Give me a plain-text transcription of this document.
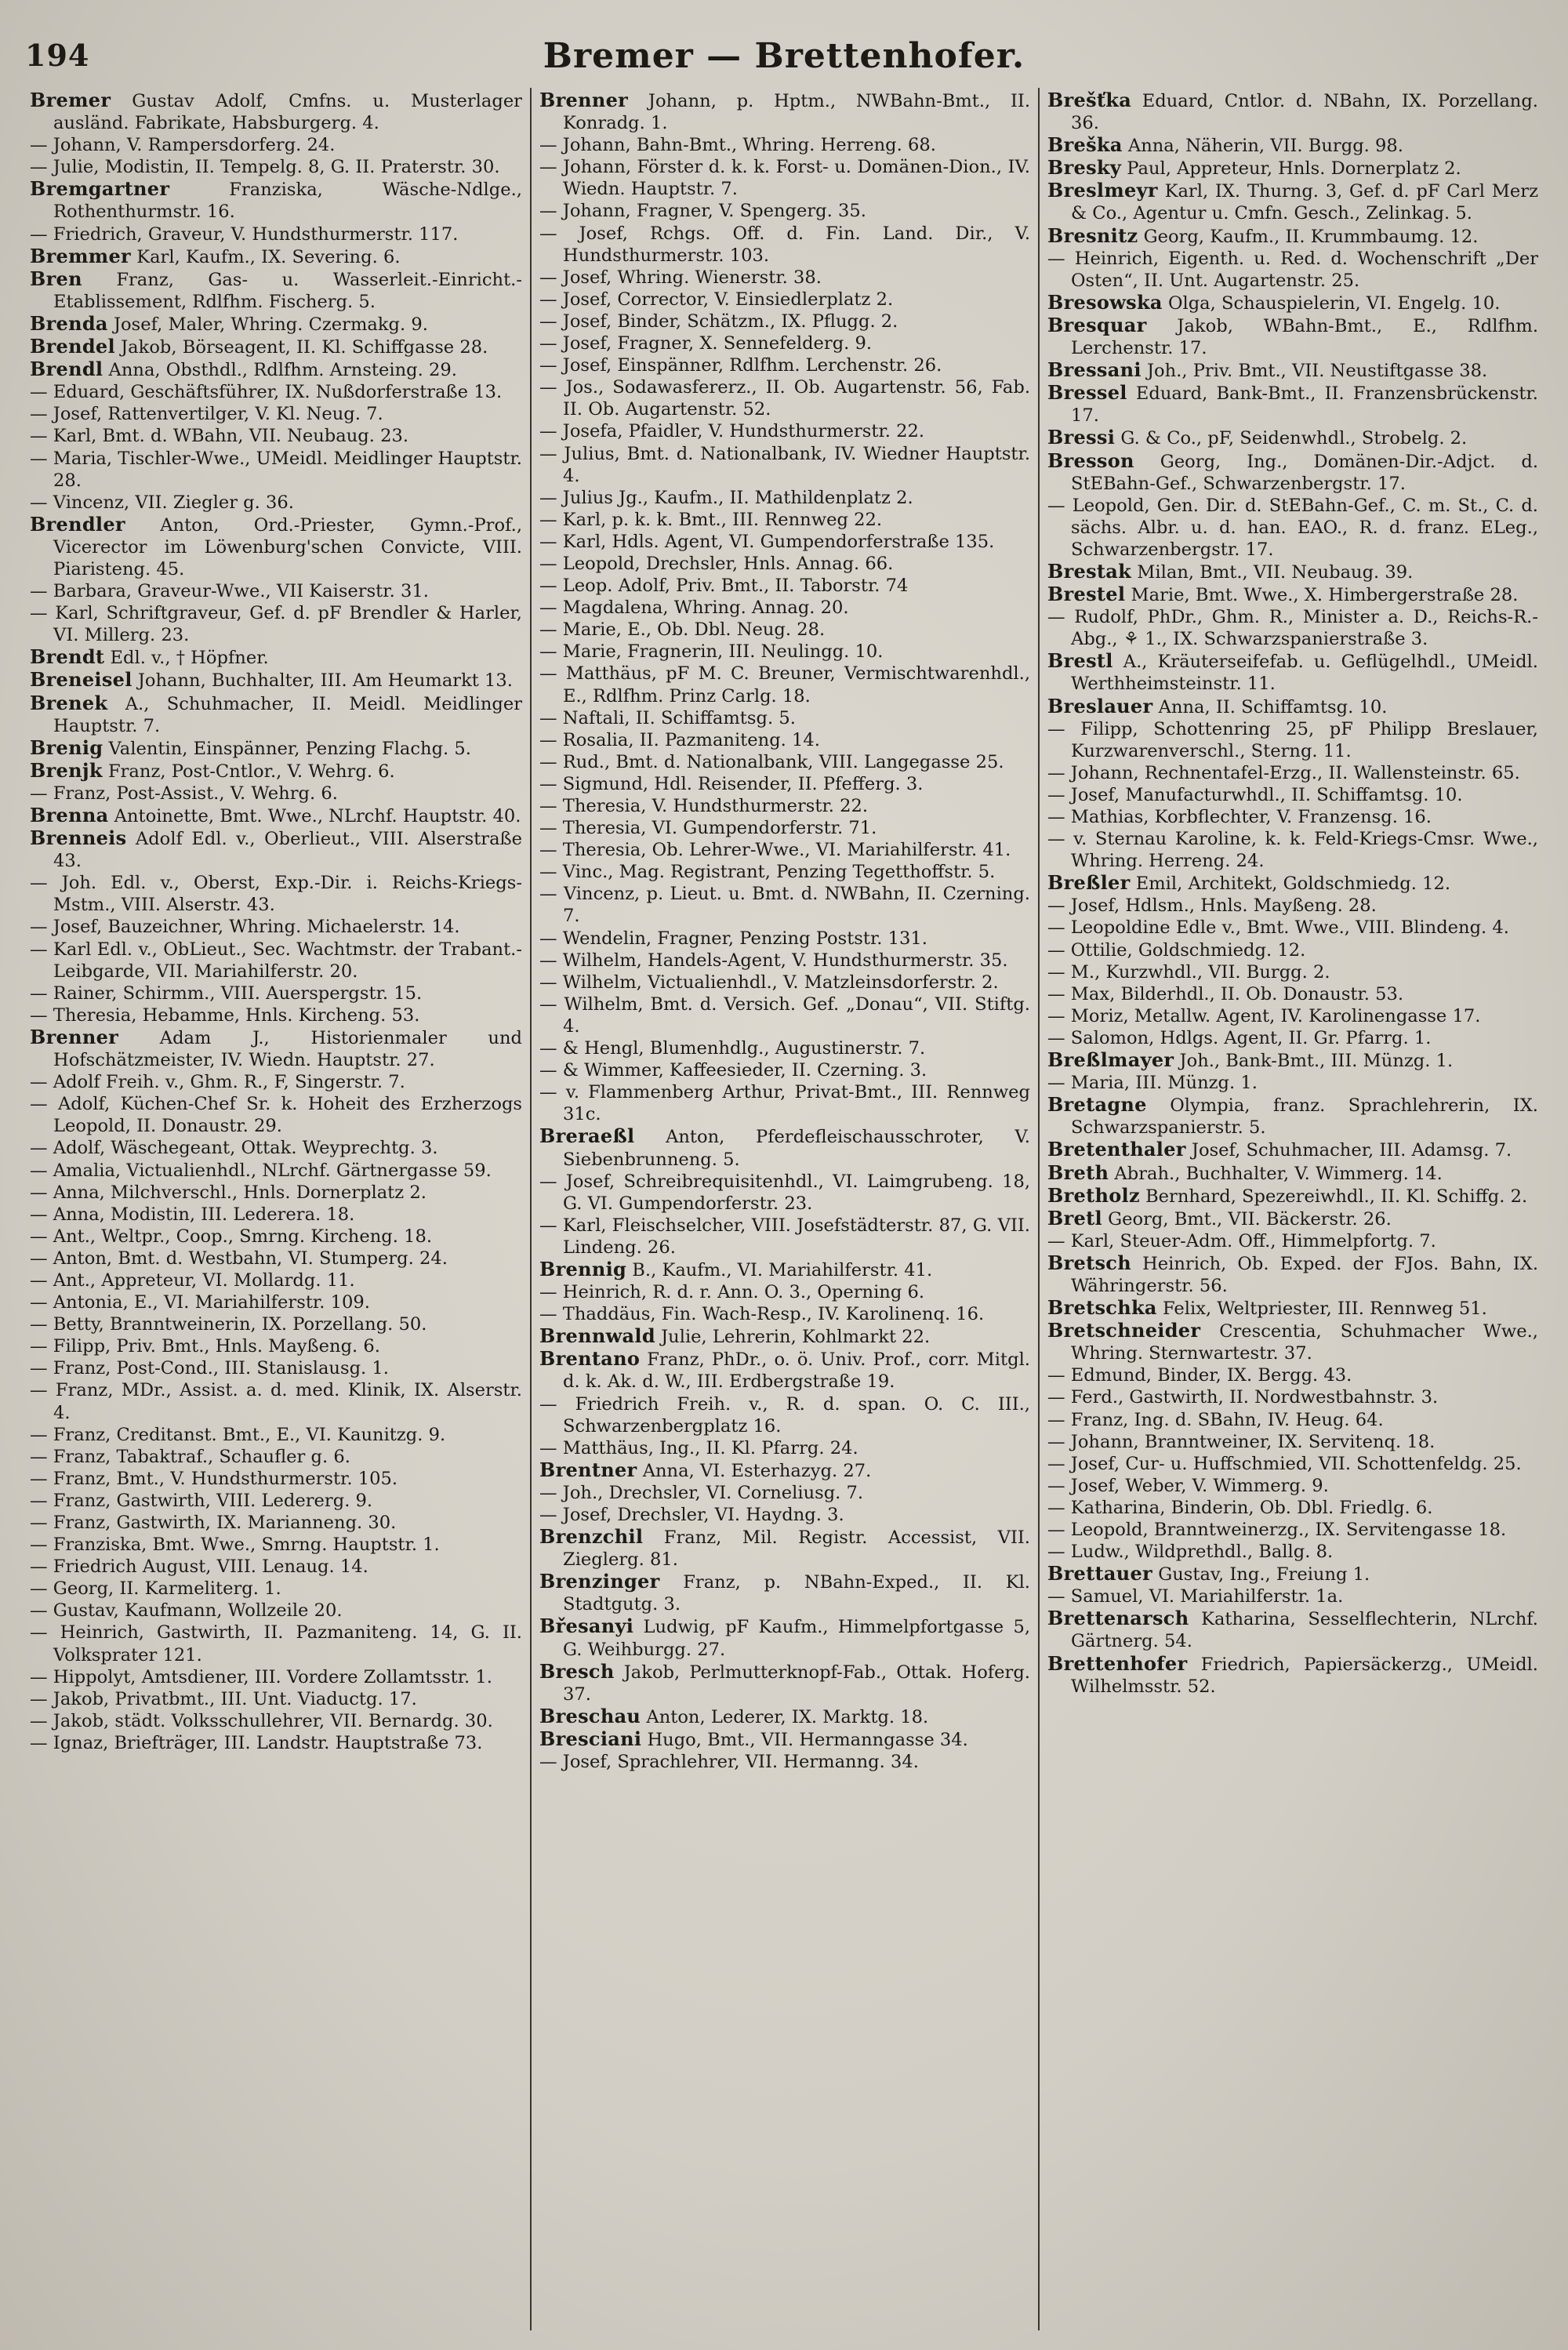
194	Bremer — Brettenhofer.
Bremer Gustav Adolf, Cmfns. u. Musterlager ausländ. Fabrikate, Habsburgerg. 4.
— Johann, V. Rampersdorferg. 24.
— Julie, Modistin, II. Tempelg. 8, G. II. Praterstr. 30.
Bremgartner	Franziska, Wäsche-Ndlge., Rothenthurmstr. 16.
— Friedrich, Graveur, V. Hundsthurmerstr. 117.
Bremmer Karl, Kaufm., IX. Severing. 6.
Bren Franz, Gas- u. Wasserleit.-Einricht.-Etablissement, Rdlfhm. Fischerg. 5.
Brenda Josef, Maler, Whring. Czermakg. 9.
Brendel Jakob, Börseagent, II. Kl. Schiffgasse 28.
Brendl Anna, Obsthdl., Rdlfhm. Arnsteing. 29.
— Eduard, Geschäftsführer, IX. Nußdorferstraße 13.
— Josef, Rattenvertilger, V. Kl. Neug. 7.
— Karl, Bmt. d. WBahn, VII. Neubaug. 23.
— Maria, Tischler-Wwe., UMeidl. Meidlinger Hauptstr. 28.
— Vincenz, VII. Ziegler g. 36.
Brendler Anton, Ord.-Priester, Gymn.-Prof., Vicerector im Löwenburg'schen Convicte, VIII. Piaristeng. 45.
— Barbara, Graveur-Wwe., VII Kaiserstr. 31.
— Karl, Schriftgraveur, Gef. d. pF Brendler & Harler, VI. Millerg. 23.
Brendt Edl. v., † Höpfner.
Breneisel Johann, Buchhalter, III. Am Heumarkt 13.
Brenek A., Schuhmacher, II. Meidl. Meidlinger Hauptstr. 7.
Brenig Valentin, Einspänner, Penzing Flachg. 5.
Brenjk Franz, Post-Cntlor., V. Wehrg. 6.
— Franz, Post-Assist., V. Wehrg. 6.
Brenna Antoinette, Bmt. Wwe., NLrchf. Hauptstr. 40.
Brenneis Adolf Edl. v., Oberlieut., VIII. Alserstraße 43.
— Joh. Edl. v., Oberst, Exp.-Dir. i. Reichs-Kriegs-Mstm., VIII. Alserstr. 43.
— Josef, Bauzeichner, Whring. Michaelerstr. 14.
— Karl Edl. v., ObLieut., Sec. Wachtmstr. der Trabant.-Leibgarde, VII. Mariahilferstr. 20.
— Rainer, Schirmm., VIII. Auerspergstr. 15.
— Theresia, Hebamme, Hnls. Kircheng. 53.
Brenner Adam J., Historienmaler und Hofschätzmeister, IV. Wiedn. Hauptstr. 27.
— Adolf Freih. v., Ghm. R., F, Singerstr. 7.
— Adolf, Küchen-Chef Sr. k. Hoheit des Erzherzogs Leopold, II. Donaustr. 29.
— Adolf, Wäschegeant, Ottak. Weyprechtg. 3.
— Amalia, Victualienhdl., NLrchf. Gärtnergasse 59.
— Anna, Milchverschl., Hnls. Dornerplatz 2.
— Anna, Modistin, III. Lederera. 18.
— Ant., Weltpr., Coop., Smrng. Kircheng. 18.
— Anton, Bmt. d. Westbahn, VI. Stumperg. 24.
— Ant., Appreteur, VI. Mollardg. 11.
— Antonia, E., VI. Mariahilferstr. 109.
— Betty, Branntweinerin, IX. Porzellang. 50.
— Filipp, Priv. Bmt., Hnls. Mayßeng. 6.
— Franz, Post-Cond., III. Stanislausg. 1.
— Franz, MDr., Assist. a. d. med. Klinik, IX. Alserstr. 4.
— Franz, Creditanst. Bmt., E., VI. Kaunitzg. 9.
— Franz, Tabaktraf., Schaufler g. 6.
— Franz, Bmt., V. Hundsthurmerstr. 105.
— Franz, Gastwirth, VIII. Ledererg. 9.
— Franz, Gastwirth, IX. Marianneng. 30.
— Franziska, Bmt. Wwe., Smrng. Hauptstr. 1.
— Friedrich August, VIII. Lenaug. 14.
— Georg, II. Karmeliterg. 1.
— Gustav, Kaufmann, Wollzeile 20.
— Heinrich, Gastwirth, II. Pazmaniteng. 14, G. II. Volksprater 121.
— Hippolyt, Amtsdiener, III. Vordere Zollamtsstr. 1.
— Jakob, Privatbmt., III. Unt. Viaductg. 17.
— Jakob, städt. Volksschullehrer, VII. Bernardg. 30.
— Ignaz, Briefträger, III. Landstr. Hauptstraße 73.
Brenner Johann, p. Hptm., NWBahn-Bmt., II. Konradg. 1.
— Johann, Bahn-Bmt., Whring. Herreng. 68.
— Johann, Förster d. k. k. Forst- u. Domänen-Dion., IV. Wiedn. Hauptstr. 7.
— Johann, Fragner, V. Spengerg. 35.
— Josef, Rchgs. Off. d. Fin. Land. Dir., V. Hundsthurmerstr. 103.
— Josef, Whring. Wienerstr. 38.
— Josef, Corrector, V. Einsiedlerplatz 2.
— Josef, Binder, Schätzm., IX. Pflugg. 2.
— Josef, Fragner, X. Sennefelderg. 9.
— Josef, Einspänner, Rdlfhm. Lerchenstr. 26.
— Jos., Sodawasfererz., II. Ob. Augartenstr. 56, Fab. II. Ob. Augartenstr. 52.
— Josefa, Pfaidler, V. Hundsthurmerstr. 22.
— Julius, Bmt. d. Nationalbank, IV. Wiedner Hauptstr. 4.
— Julius Jg., Kaufm., II. Mathildenplatz 2.
— Karl, p. k. k. Bmt., III. Rennweg 22.
— Karl, Hdls. Agent, VI. Gumpendorferstraße 135.
— Leopold, Drechsler, Hnls. Annag. 66.
— Leop. Adolf, Priv. Bmt., II. Taborstr. 74
— Magdalena, Whring. Annag. 20.
— Marie, E., Ob. Dbl. Neug. 28.
— Marie, Fragnerin, III. Neulingg. 10.
— Matthäus, pF M. C. Breuner, Vermischtwarenhdl., E., Rdlfhm. Prinz Carlg. 18.
— Naftali, II. Schiffamtsg. 5.
— Rosalia, II. Pazmaniteng. 14.
— Rud., Bmt. d. Nationalbank, VIII. Langegasse 25.
— Sigmund, Hdl. Reisender, II. Pfefferg. 3.
— Theresia, V. Hundsthurmerstr. 22.
— Theresia, VI. Gumpendorferstr. 71.
— Theresia, Ob. Lehrer-Wwe., VI. Mariahilferstr. 41.
— Vinc., Mag. Registrant, Penzing Tegetthoffstr. 5.
— Vincenz, p. Lieut. u. Bmt. d. NWBahn, II. Czerning. 7.
— Wendelin, Fragner, Penzing Poststr. 131.
— Wilhelm, Handels-Agent, V. Hundsthurmerstr. 35.
— Wilhelm, Victualienhdl., V. Matzleinsdorferstr. 2.
— Wilhelm, Bmt. d. Versich. Gef. „Donau“, VII. Stiftg. 4.
— & Hengl, Blumenhdlg., Augustinerstr. 7.
— & Wimmer, Kaffeesieder, II. Czerning. 3.
— v. Flammenberg Arthur, Privat-Bmt., III. Rennweg 31c.
Breraeßl Anton, Pferdefleischausschroter, V. Siebenbrunneng. 5.
— Josef, Schreibrequisitenhdl., VI. Laimgrubeng. 18, G. VI. Gumpendorferstr. 23.
— Karl, Fleischselcher, VIII. Josefstädterstr. 87, G. VII. Lindeng. 26.
Brennig B., Kaufm., VI. Mariahilferstr. 41.
— Heinrich, R. d. r. Ann. O. 3., Operning 6.
— Thaddäus, Fin. Wach-Resp., IV. Karolinenq. 16.
Brennwald Julie, Lehrerin, Kohlmarkt 22.
Brentano Franz, PhDr., o. ö. Univ. Prof., corr. Mitgl. d. k. Ak. d. W., III. Erdbergstraße 19.
— Friedrich Freih. v., R. d. span. O. C. III., Schwarzenbergplatz 16.
— Matthäus, Ing., II. Kl. Pfarrg. 24.
Brentner Anna, VI. Esterhazyg. 27.
— Joh., Drechsler, VI. Corneliusg. 7.
— Josef, Drechsler, VI. Haydng. 3.
Brenzchil Franz, Mil. Registr. Accessist, VII. Zieglerg. 81.
Brenzinger Franz, p. NBahn-Exped., II. Kl. Stadtgutg. 3.
Břesanyi Ludwig, pF Kaufm., Himmelpfortgasse 5, G. Weihburgg. 27.
Bresch Jakob, Perlmutterknopf-Fab., Ottak. Hoferg. 37.
Breschau Anton, Lederer, IX. Marktg. 18.
Bresciani Hugo, Bmt., VII. Hermanngasse 34.
— Josef, Sprachlehrer, VII. Hermanng. 34.
Brešťka Eduard, Cntlor. d. NBahn, IX. Porzellang. 36.
Breška Anna, Näherin, VII. Burgg. 98.
Bresky Paul, Appreteur, Hnls. Dornerplatz 2.
Breslmeyr Karl, IX. Thurng. 3, Gef. d. pF Carl Merz & Co., Agentur u. Cmfn. Gesch., Zelinkag. 5.
Bresnitz Georg, Kaufm., II. Krummbaumg. 12.
— Heinrich, Eigenth. u. Red. d. Wochenschrift „Der Osten“, II. Unt. Augartenstr. 25.
Bresowska Olga, Schauspielerin, VI. Engelg. 10.
Bresquar Jakob, WBahn-Bmt., E., Rdlfhm. Lerchenstr. 17.
Bressani Joh., Priv. Bmt., VII. Neustiftgasse 38.
Bressel Eduard, Bank-Bmt., II. Franzensbrückenstr. 17.
Bressi G. & Co., pF, Seidenwhdl., Strobelg. 2.
Bresson Georg, Ing., Domänen-Dir.-Adjct. d. StEBahn-Gef., Schwarzenbergstr. 17.
— Leopold, Gen. Dir. d. StEBahn-Gef., C. m. St., C. d. sächs. Albr. u. d. han. EAO., R. d. franz. ELeg., Schwarzenbergstr. 17.
Brestak Milan, Bmt., VII. Neubaug. 39.
Brestel Marie, Bmt. Wwe., X. Himbergerstraße 28.
— Rudolf, PhDr., Ghm. R., Minister a. D., Reichs-R.-Abg., ⚘ 1., IX. Schwarzspanierstraße 3.
Brestl A., Kräuterseifefab. u. Geflügelhdl., UMeidl. Werthheimsteinstr. 11.
Breslauer Anna, II. Schiffamtsg. 10.
— Filipp, Schottenring 25, pF Philipp Breslauer, Kurzwarenverschl., Sterng. 11.
— Johann, Rechnentafel-Erzg., II. Wallensteinstr. 65.
— Josef, Manufacturwhdl., II. Schiffamtsg. 10.
— Mathias, Korbflechter, V. Franzensg. 16.
— v. Sternau Karoline, k. k. Feld-Kriegs-Cmsr. Wwe., Whring. Herreng. 24.
Breßler Emil, Architekt, Goldschmiedg. 12.
— Josef, Hdlsm., Hnls. Mayßeng. 28.
— Leopoldine Edle v., Bmt. Wwe., VIII. Blindeng. 4.
— Ottilie, Goldschmiedg. 12.
— M., Kurzwhdl., VII. Burgg. 2.
— Max, Bilderhdl., II. Ob. Donaustr. 53.
— Moriz, Metallw. Agent, IV. Karolinengasse 17.
— Salomon, Hdlgs. Agent, II. Gr. Pfarrg. 1.
Breßlmayer Joh., Bank-Bmt., III. Münzg. 1.
— Maria, III. Münzg. 1.
Bretagne Olympia, franz. Sprachlehrerin, IX. Schwarzspanierstr. 5.
Bretenthaler Josef, Schuhmacher, III. Adamsg. 7.
Breth Abrah., Buchhalter, V. Wimmerg. 14.
Bretholz Bernhard, Spezereiwhdl., II. Kl. Schiffg. 2.
Bretl Georg, Bmt., VII. Bäckerstr. 26.
— Karl, Steuer-Adm. Off., Himmelpfortg. 7.
Bretsch Heinrich, Ob. Exped. der FJos. Bahn, IX. Währingerstr. 56.
Bretschka Felix, Weltpriester, III. Rennweg 51.
Bretschneider Crescentia, Schuhmacher Wwe., Whring. Sternwartestr. 37.
— Edmund, Binder, IX. Bergg. 43.
— Ferd., Gastwirth, II. Nordwestbahnstr. 3.
— Franz, Ing. d. SBahn, IV. Heug. 64.
— Johann, Branntweiner, IX. Servitenq. 18.
— Josef, Cur- u. Huffschmied, VII. Schottenfeldg. 25.
— Josef, Weber, V. Wimmerg. 9.
— Katharina, Binderin, Ob. Dbl. Friedlg. 6.
— Leopold, Branntweinerzg., IX. Servitengasse 18.
— Ludw., Wildprethdl., Ballg. 8.
Brettauer Gustav, Ing., Freiung 1.
— Samuel, VI. Mariahilferstr. 1a.
Brettenarsch Katharina, Sesselflechterin, NLrchf. Gärtnerg. 54.
Brettenhofer Friedrich, Papiersäckerzg., UMeidl. Wilhelmsstr. 52.
